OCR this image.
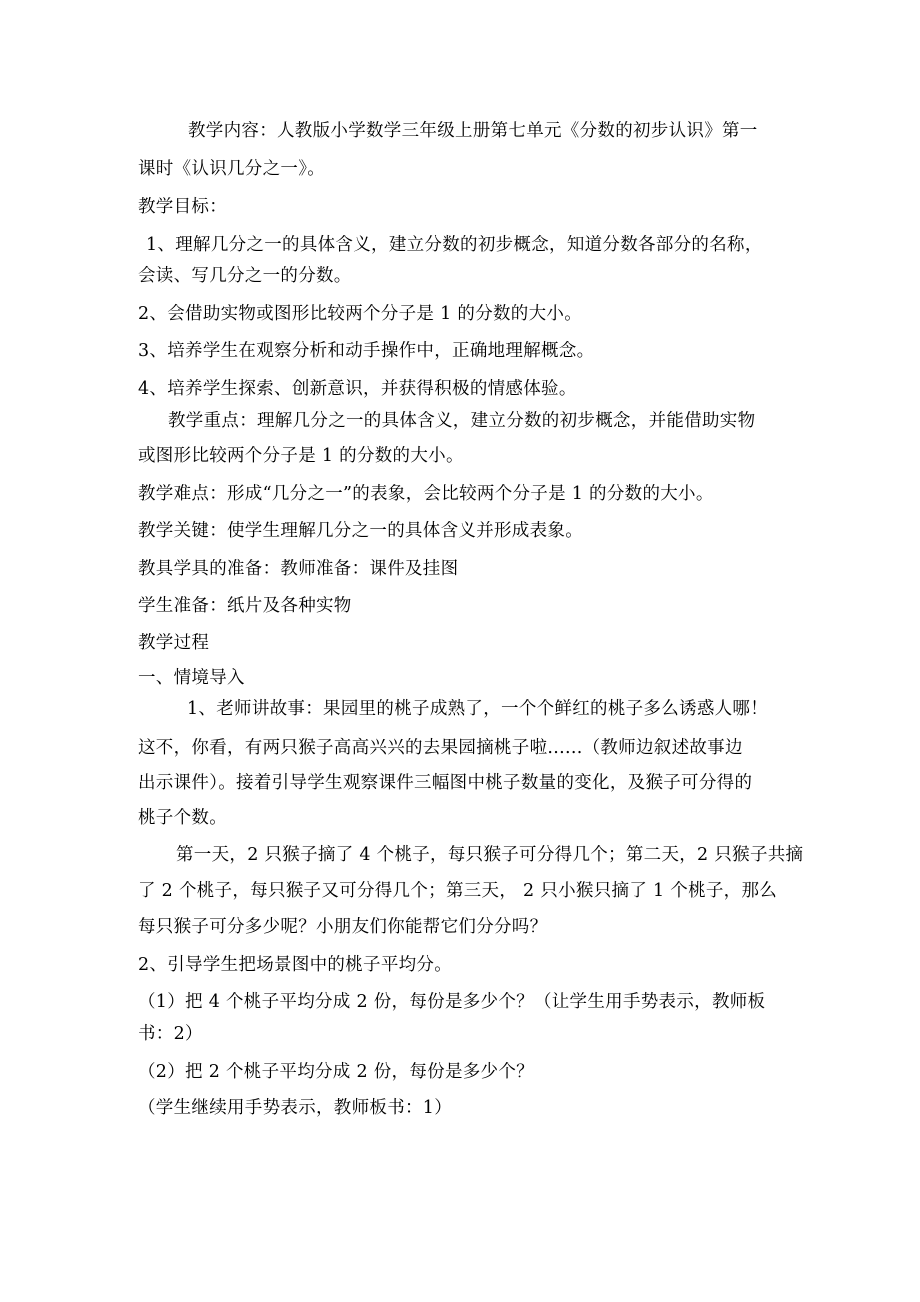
教学内容：人教版小学数学三年级上册第七单元《分数的初步认识》第一
课时《认识几分之一》。
教学目标：
1、理解几分之一的具体含义，建立分数的初步概念，知道分数各部分的名称，
会读、写几分之一的分数。
2、会借助实物或图形比较两个分子是 1 的分数的大小。
3、培养学生在观察分析和动手操作中，正确地理解概念。
4、培养学生探索、创新意识，并获得积极的情感体验。
教学重点：理解几分之一的具体含义，建立分数的初步概念，并能借助实物
或图形比较两个分子是 1 的分数的大小。
教学难点：形成“几分之一”的表象，会比较两个分子是 1 的分数的大小。
教学关键：使学生理解几分之一的具体含义并形成表象。
教具学具的准备：教师准备：课件及挂图
学生准备：纸片及各种实物
教学过程
一、情境导入
1、老师讲故事：果园里的桃子成熟了，一个个鲜红的桃子多么诱惑人哪！
这不，你看，有两只猴子高高兴兴的去果园摘桃子啦......（教师边叙述故事边
出示课件）。接着引导学生观察课件三幅图中桃子数量的变化，及猴子可分得的
桃子个数。
第一天，2 只猴子摘了 4 个桃子，每只猴子可分得几个；第二天，2 只猴子共摘
了 2 个桃子，每只猴子又可分得几个；第三天， 2 只小猴只摘了 1 个桃子，那么
每只猴子可分多少呢？小朋友们你能帮它们分分吗？
2、引导学生把场景图中的桃子平均分。
（1）把 4 个桃子平均分成 2 份，每份是多少个？（让学生用手势表示，教师板
书：2）
（2）把 2 个桃子平均分成 2 份，每份是多少个？
（学生继续用手势表示，教师板书：1）
